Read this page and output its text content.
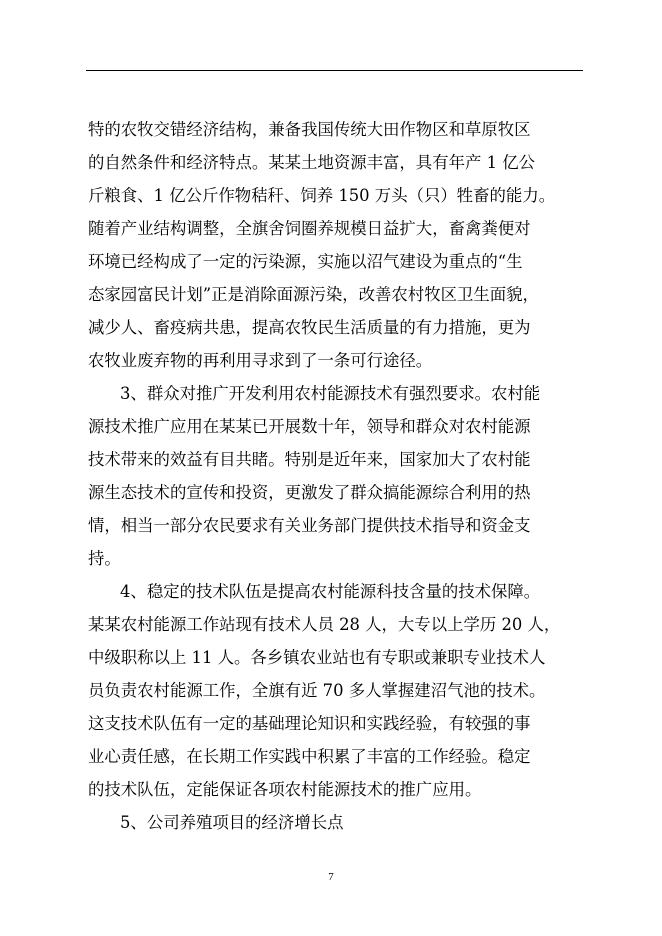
特的农牧交错经济结构，兼备我国传统大田作物区和草原牧区
的自然条件和经济特点。某某土地资源丰富，具有年产 1 亿公
斤粮食、1 亿公斤作物秸秆、饲养 150 万头（只）牲畜的能力。
随着产业结构调整，全旗舍饲圈养规模日益扩大，畜禽粪便对
环境已经构成了一定的污染源，实施以沼气建设为重点的“生
态家园富民计划”正是消除面源污染，改善农村牧区卫生面貌，
减少人、畜疫病共患，提高农牧民生活质量的有力措施，更为
农牧业废弃物的再利用寻求到了一条可行途径。
3、群众对推广开发利用农村能源技术有强烈要求。农村能
源技术推广应用在某某已开展数十年，领导和群众对农村能源
技术带来的效益有目共睹。特别是近年来，国家加大了农村能
源生态技术的宣传和投资，更激发了群众搞能源综合利用的热
情，相当一部分农民要求有关业务部门提供技术指导和资金支
持。
4、稳定的技术队伍是提高农村能源科技含量的技术保障。
某某农村能源工作站现有技术人员 28 人，大专以上学历 20 人，
中级职称以上 11 人。各乡镇农业站也有专职或兼职专业技术人
员负责农村能源工作，全旗有近 70 多人掌握建沼气池的技术。
这支技术队伍有一定的基础理论知识和实践经验，有较强的事
业心责任感，在长期工作实践中积累了丰富的工作经验。稳定
的技术队伍，定能保证各项农村能源技术的推广应用。
5、公司养殖项目的经济增长点
7
